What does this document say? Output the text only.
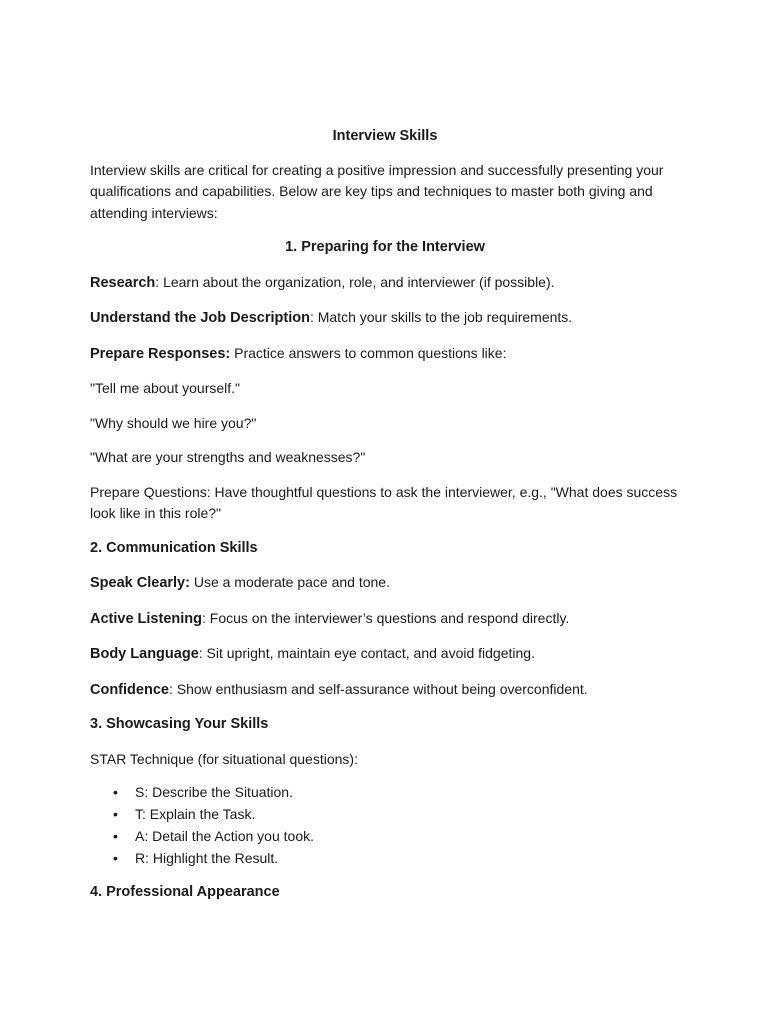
Interview Skills

Interview skills are critical for creating a positive impression and successfully presenting your qualifications and capabilities. Below are key tips and techniques to master both giving and attending interviews:

1. Preparing for the Interview

Research: Learn about the organization, role, and interviewer (if possible).

Understand the Job Description: Match your skills to the job requirements.

Prepare Responses: Practice answers to common questions like:

"Tell me about yourself."

"Why should we hire you?"

"What are your strengths and weaknesses?"

Prepare Questions: Have thoughtful questions to ask the interviewer, e.g., "What does success look like in this role?"

2. Communication Skills

Speak Clearly: Use a moderate pace and tone.

Active Listening: Focus on the interviewer’s questions and respond directly.

Body Language: Sit upright, maintain eye contact, and avoid fidgeting.

Confidence: Show enthusiasm and self-assurance without being overconfident.

3. Showcasing Your Skills

STAR Technique (for situational questions):

• S: Describe the Situation.
• T: Explain the Task.
• A: Detail the Action you took.
• R: Highlight the Result.
4. Professional Appearance
